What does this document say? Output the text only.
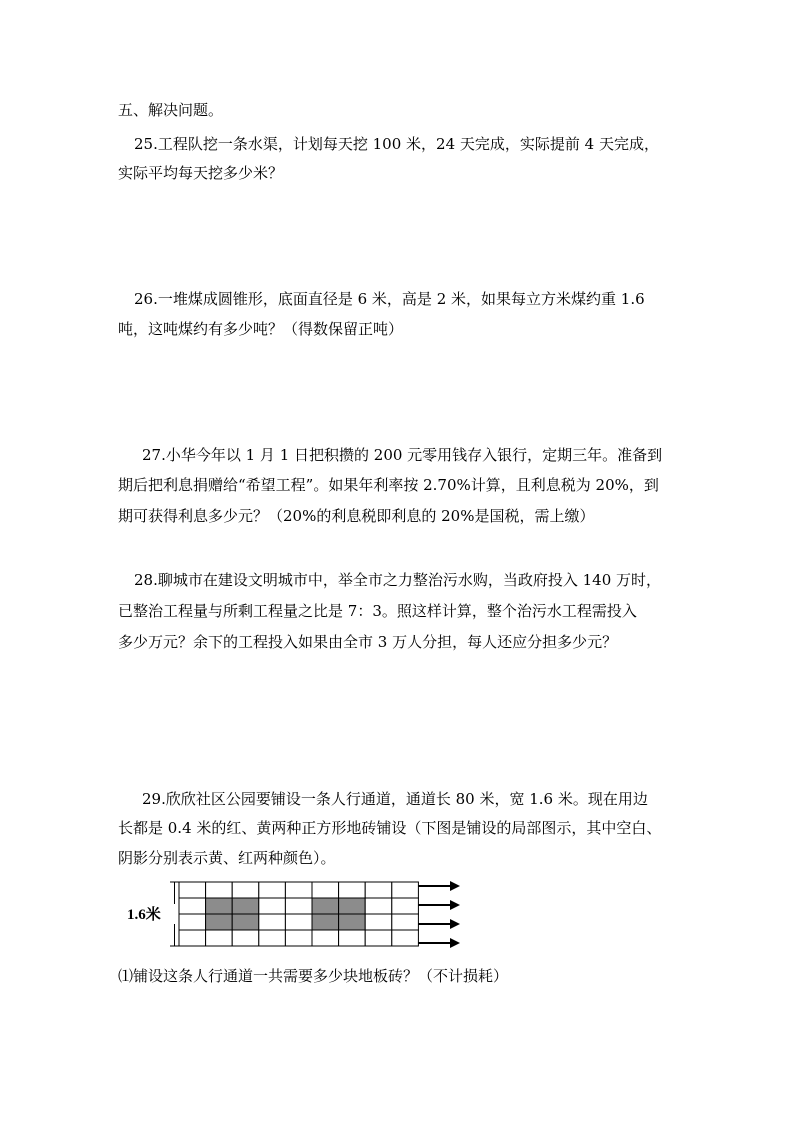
五、解决问题。
25.工程队挖一条水渠，计划每天挖 100 米，24 天完成，实际提前 4 天完成，
实际平均每天挖多少米？
26.一堆煤成圆锥形，底面直径是 6 米，高是 2 米，如果每立方米煤约重 1.6
吨，这吨煤约有多少吨？（得数保留正吨）
27.小华今年以 1 月 1 日把积攒的 200 元零用钱存入银行，定期三年。准备到
期后把利息捐赠给“希望工程”。如果年利率按 2.70%计算，且利息税为 20%，到
期可获得利息多少元？（20%的利息税即利息的 20%是国税，需上缴）
28.聊城市在建设文明城市中，举全市之力整治污水购，当政府投入 140 万时，
已整治工程量与所剩工程量之比是 7：3。照这样计算，整个治污水工程需投入
多少万元？余下的工程投入如果由全市 3 万人分担，每人还应分担多少元？
29.欣欣社区公园要铺设一条人行通道，通道长 80 米，宽 1.6 米。现在用边
长都是 0.4 米的红、黄两种正方形地砖铺设（下图是铺设的局部图示，其中空白、
阴影分别表示黄、红两种颜色）。
1.6米
⑴铺设这条人行通道一共需要多少块地板砖？（不计损耗）
